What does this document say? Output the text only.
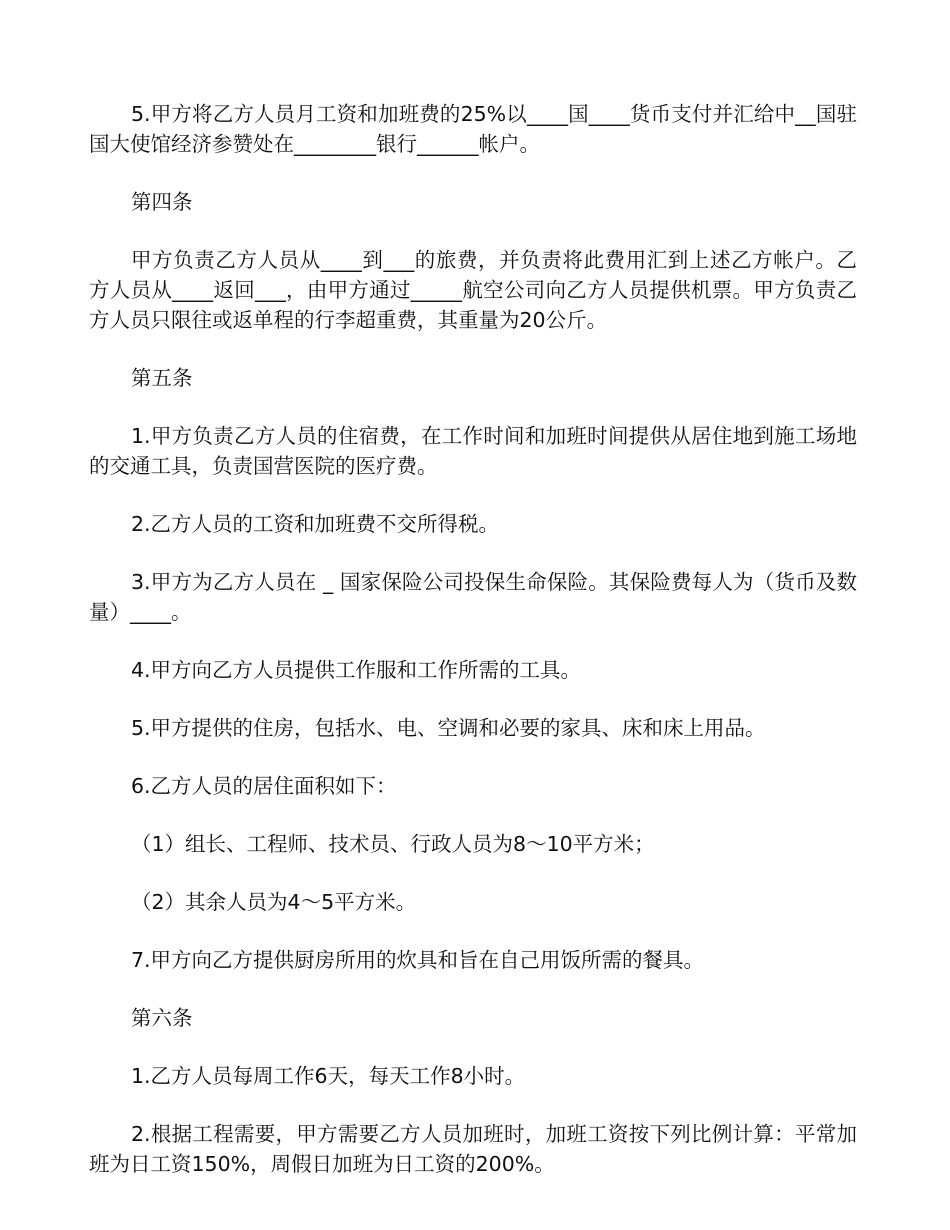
5.甲方将乙方人员月工资和加班费的25%以____国____货币支付并汇给中__国驻国大使馆经济参赞处在________银行______帐户。

第四条

甲方负责乙方人员从____到___的旅费，并负责将此费用汇到上述乙方帐户。乙方人员从____返回___，由甲方通过_____航空公司向乙方人员提供机票。甲方负责乙方人员只限往或返单程的行李超重费，其重量为20公斤。

第五条

1.甲方负责乙方人员的住宿费，在工作时间和加班时间提供从居住地到施工场地的交通工具，负责国营医院的医疗费。

2.乙方人员的工资和加班费不交所得税。

3.甲方为乙方人员在 _ 国家保险公司投保生命保险。其保险费每人为（货币及数量）____。

4.甲方向乙方人员提供工作服和工作所需的工具。

5.甲方提供的住房，包括水、电、空调和必要的家具、床和床上用品。

6.乙方人员的居住面积如下：

（1）组长、工程师、技术员、行政人员为8～10平方米；

（2）其余人员为4～5平方米。

7.甲方向乙方提供厨房所用的炊具和旨在自己用饭所需的餐具。

第六条

1.乙方人员每周工作6天，每天工作8小时。

2.根据工程需要，甲方需要乙方人员加班时，加班工资按下列比例计算：平常加班为日工资150%，周假日加班为日工资的200%。
